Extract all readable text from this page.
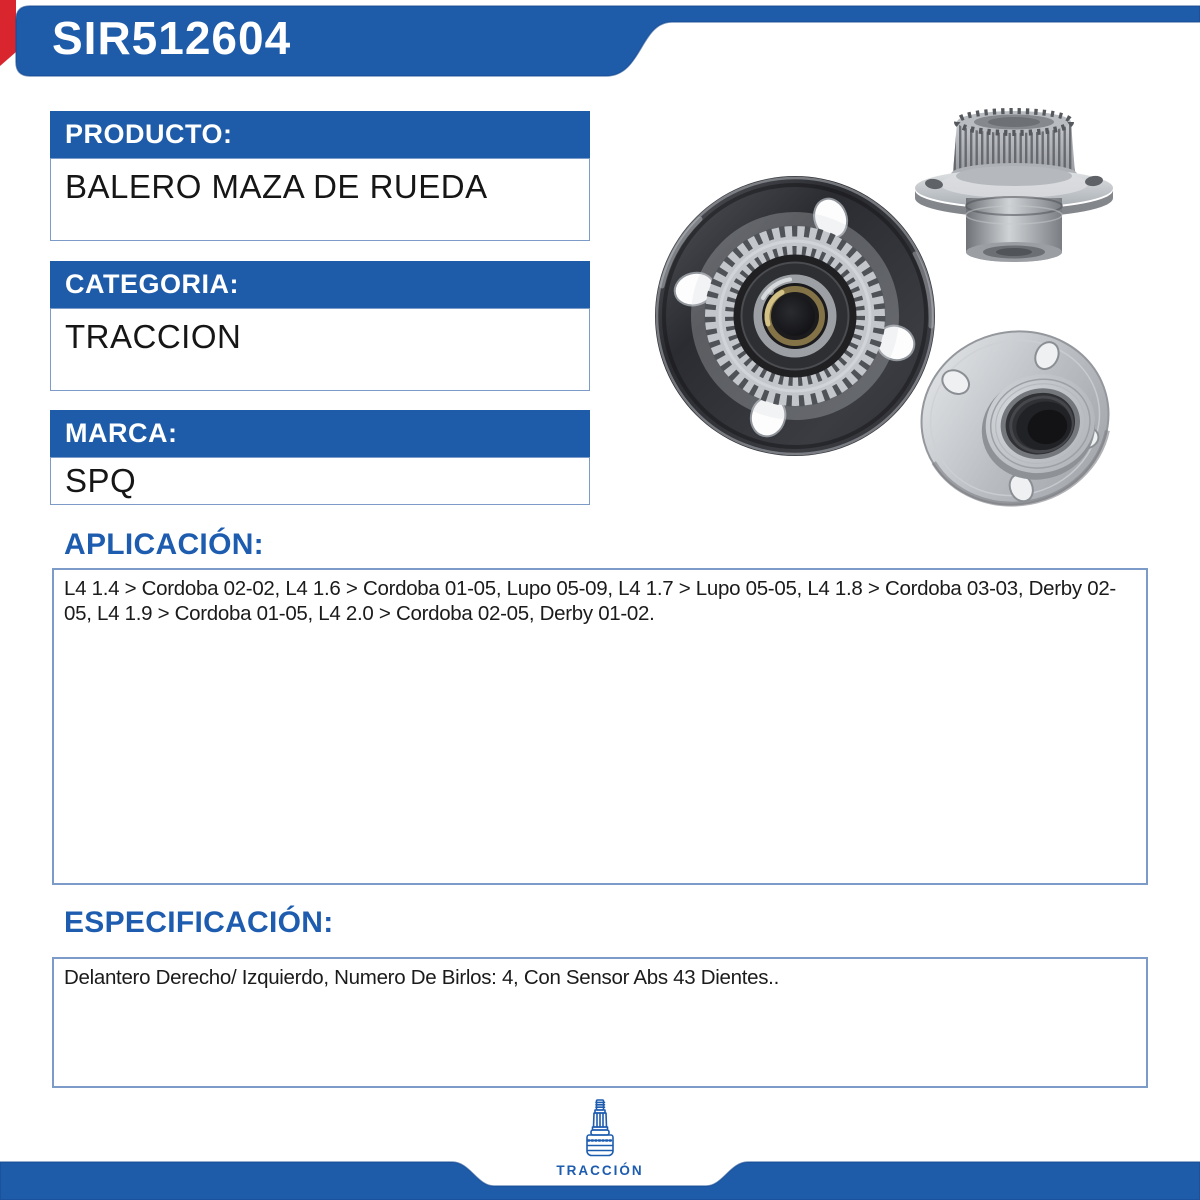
SIR512604
PRODUCTO:
BALERO MAZA DE RUEDA
CATEGORIA:
TRACCION
MARCA:
SPQ
APLICACIÓN:

L4 1.4 > Cordoba 02-02, L4 1.6 > Cordoba 01-05, Lupo 05-09, L4 1.7 > Lupo 05-05, L4 1.8 > Cordoba 03-03, Derby 02-05, L4 1.9 > Cordoba 01-05, L4 2.0 > Cordoba 02-05, Derby 01-02.

ESPECIFICACIÓN:

Delantero Derecho/ Izquierdo, Numero De Birlos: 4, Con Sensor Abs 43 Dientes..

TRACCIÓN
